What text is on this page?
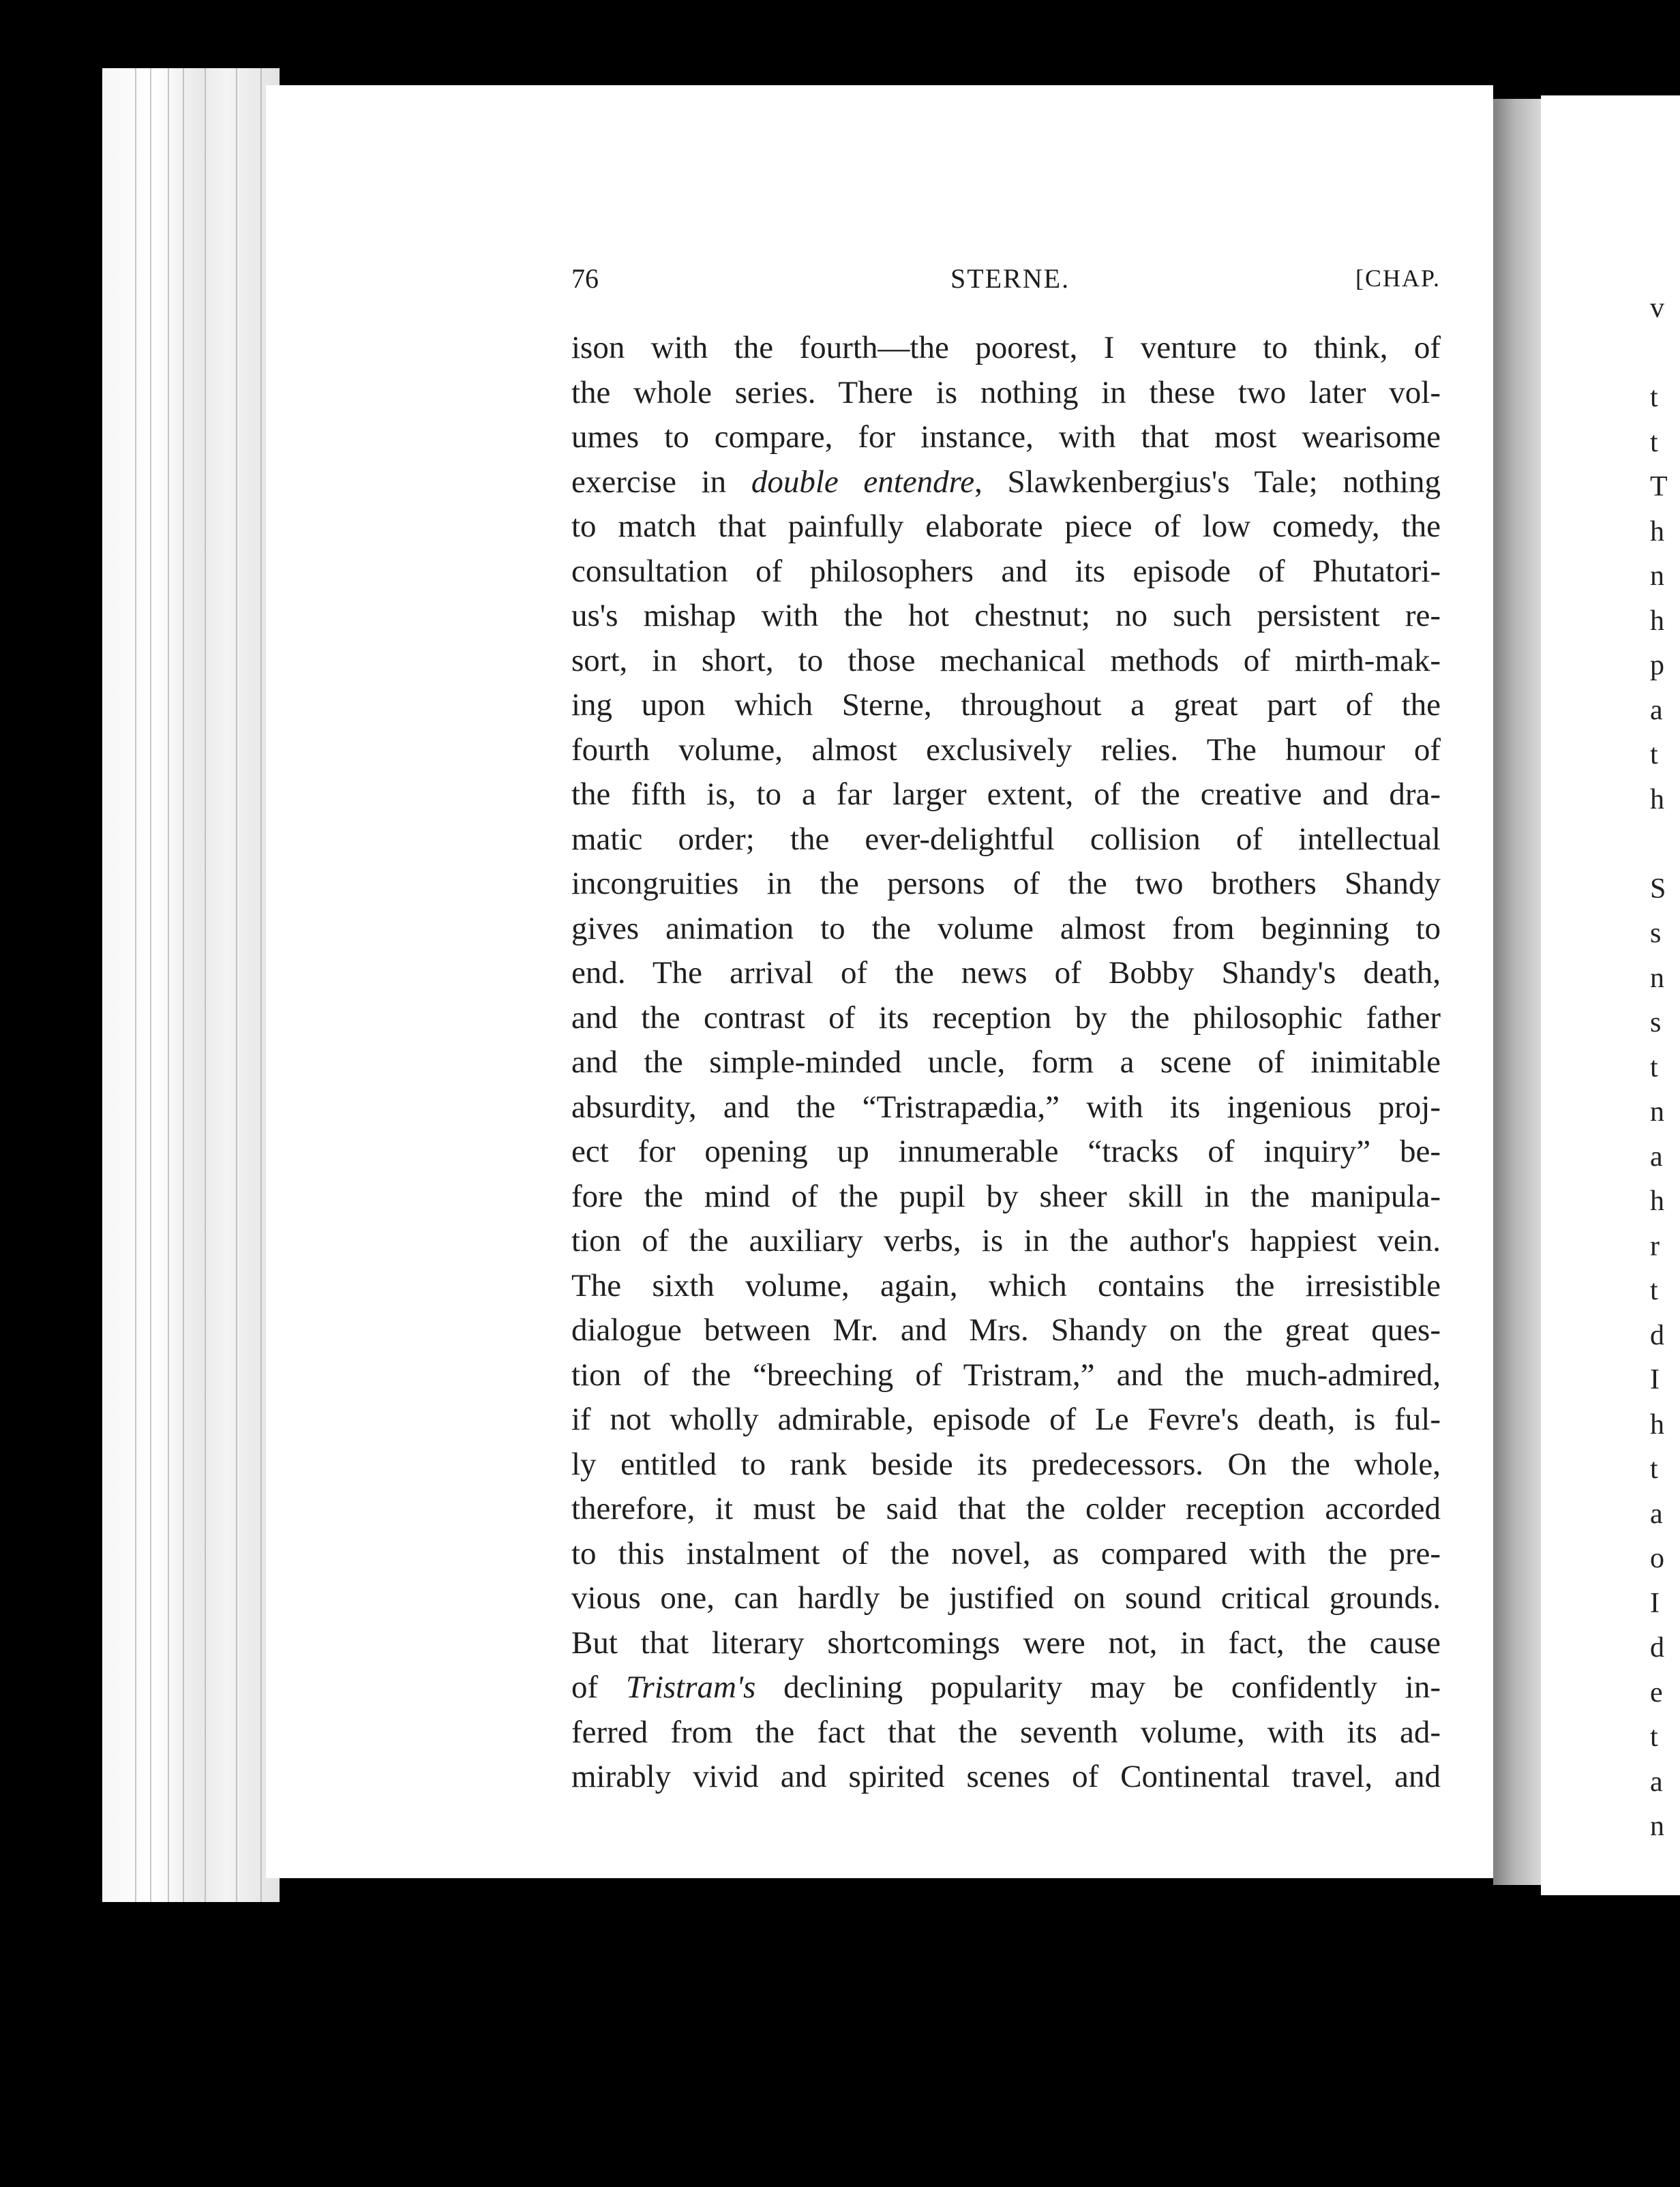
v
t
t
T
h
n
h
p
a
t
h
S
s
n
s
t
n
a
h
r
t
d
I
h
t
a
o
I
d
e
t
a
n
76	STERNE.	[CHAP.
ison with the fourth—the poorest, I venture to think, of
the whole series. There is nothing in these two later vol-
umes to compare, for instance, with that most wearisome
exercise in double entendre, Slawkenbergius's Tale; nothing
to match that painfully elaborate piece of low comedy, the
consultation of philosophers and its episode of Phutatori-
us's mishap with the hot chestnut; no such persistent re-
sort, in short, to those mechanical methods of mirth-mak-
ing upon which Sterne, throughout a great part of the
fourth volume, almost exclusively relies. The humour of
the fifth is, to a far larger extent, of the creative and dra-
matic order; the ever-delightful collision of intellectual
incongruities in the persons of the two brothers Shandy
gives animation to the volume almost from beginning to
end. The arrival of the news of Bobby Shandy's death,
and the contrast of its reception by the philosophic father
and the simple-minded uncle, form a scene of inimitable
absurdity, and the “Tristrapædia,” with its ingenious proj-
ect for opening up innumerable “tracks of inquiry” be-
fore the mind of the pupil by sheer skill in the manipula-
tion of the auxiliary verbs, is in the author's happiest vein.
The sixth volume, again, which contains the irresistible
dialogue between Mr. and Mrs. Shandy on the great ques-
tion of the “breeching of Tristram,” and the much-admired,
if not wholly admirable, episode of Le Fevre's death, is ful-
ly entitled to rank beside its predecessors. On the whole,
therefore, it must be said that the colder reception accorded
to this instalment of the novel, as compared with the pre-
vious one, can hardly be justified on sound critical grounds.
But that literary shortcomings were not, in fact, the cause
of Tristram's declining popularity may be confidently in-
ferred from the fact that the seventh volume, with its ad-
mirably vivid and spirited scenes of Continental travel, and
